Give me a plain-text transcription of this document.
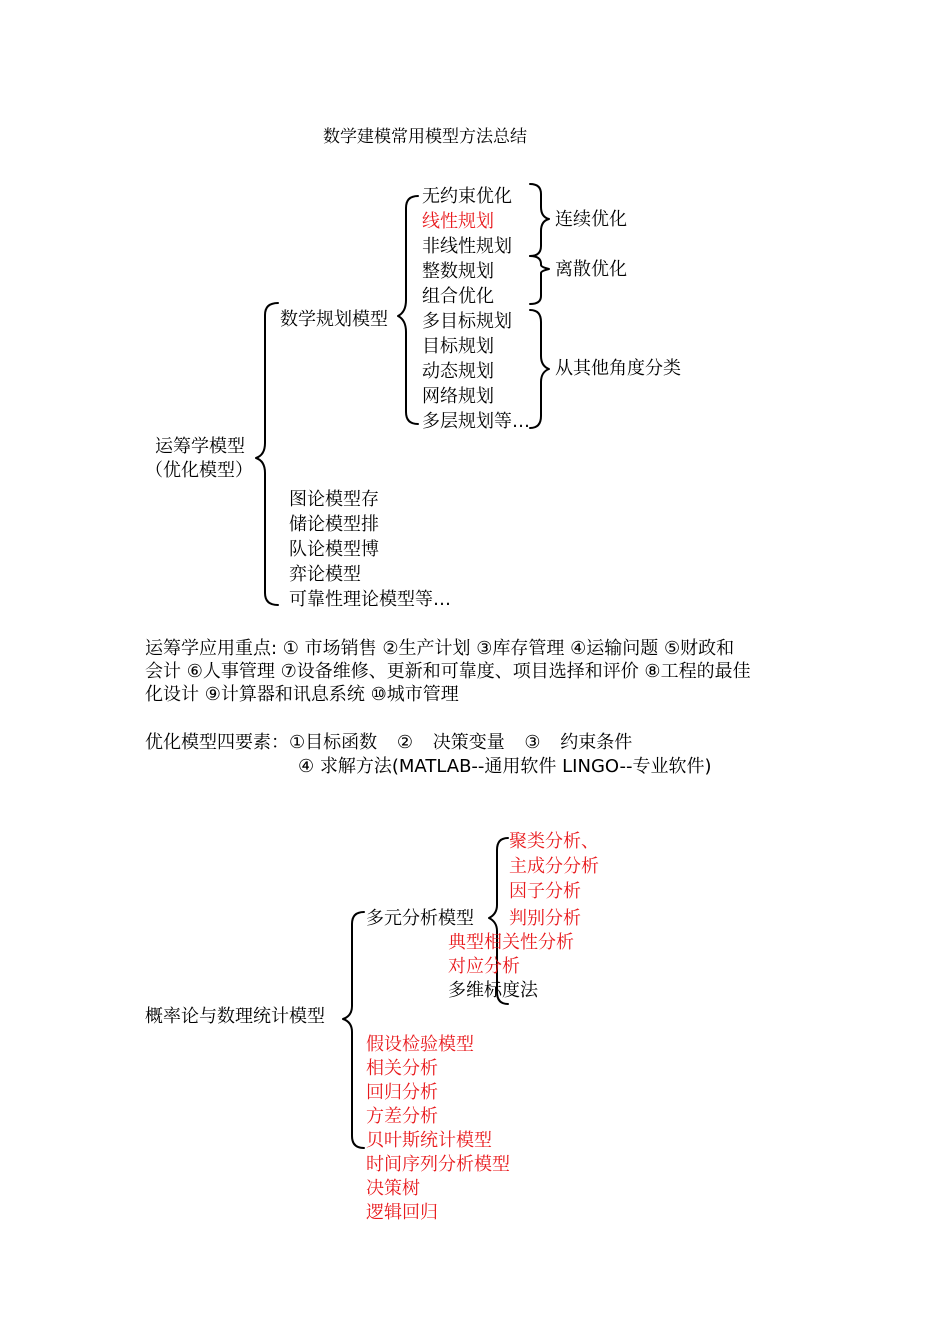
数学建模常用模型方法总结
运筹学模型
（优化模型）
数学规划模型
无约束优化
线性规划
非线性规划
整数规划
组合优化
多目标规划
目标规划
动态规划
网络规划
多层规划等…
连续优化
离散优化
从其他角度分类
图论模型存
储论模型排
队论模型博
弈论模型
可靠性理论模型等…
运筹学应用重点: ① 市场销售 ②生产计划 ③库存管理 ④运输问题 ⑤财政和
会计 ⑥人事管理 ⑦设备维修、更新和可靠度、项目选择和评价 ⑧工程的最佳
化设计 ⑨计算器和讯息系统 ⑩城市管理
优化模型四要素：①目标函数 ② 决策变量 ③ 约束条件
④ 求解方法(MATLAB--通用软件 LINGO--专业软件)
概率论与数理统计模型
多元分析模型
聚类分析、
主成分分析
因子分析
判别分析
典型相关性分析
对应分析
多维标度法
假设检验模型
相关分析
回归分析
方差分析
贝叶斯统计模型
时间序列分析模型
决策树
逻辑回归
